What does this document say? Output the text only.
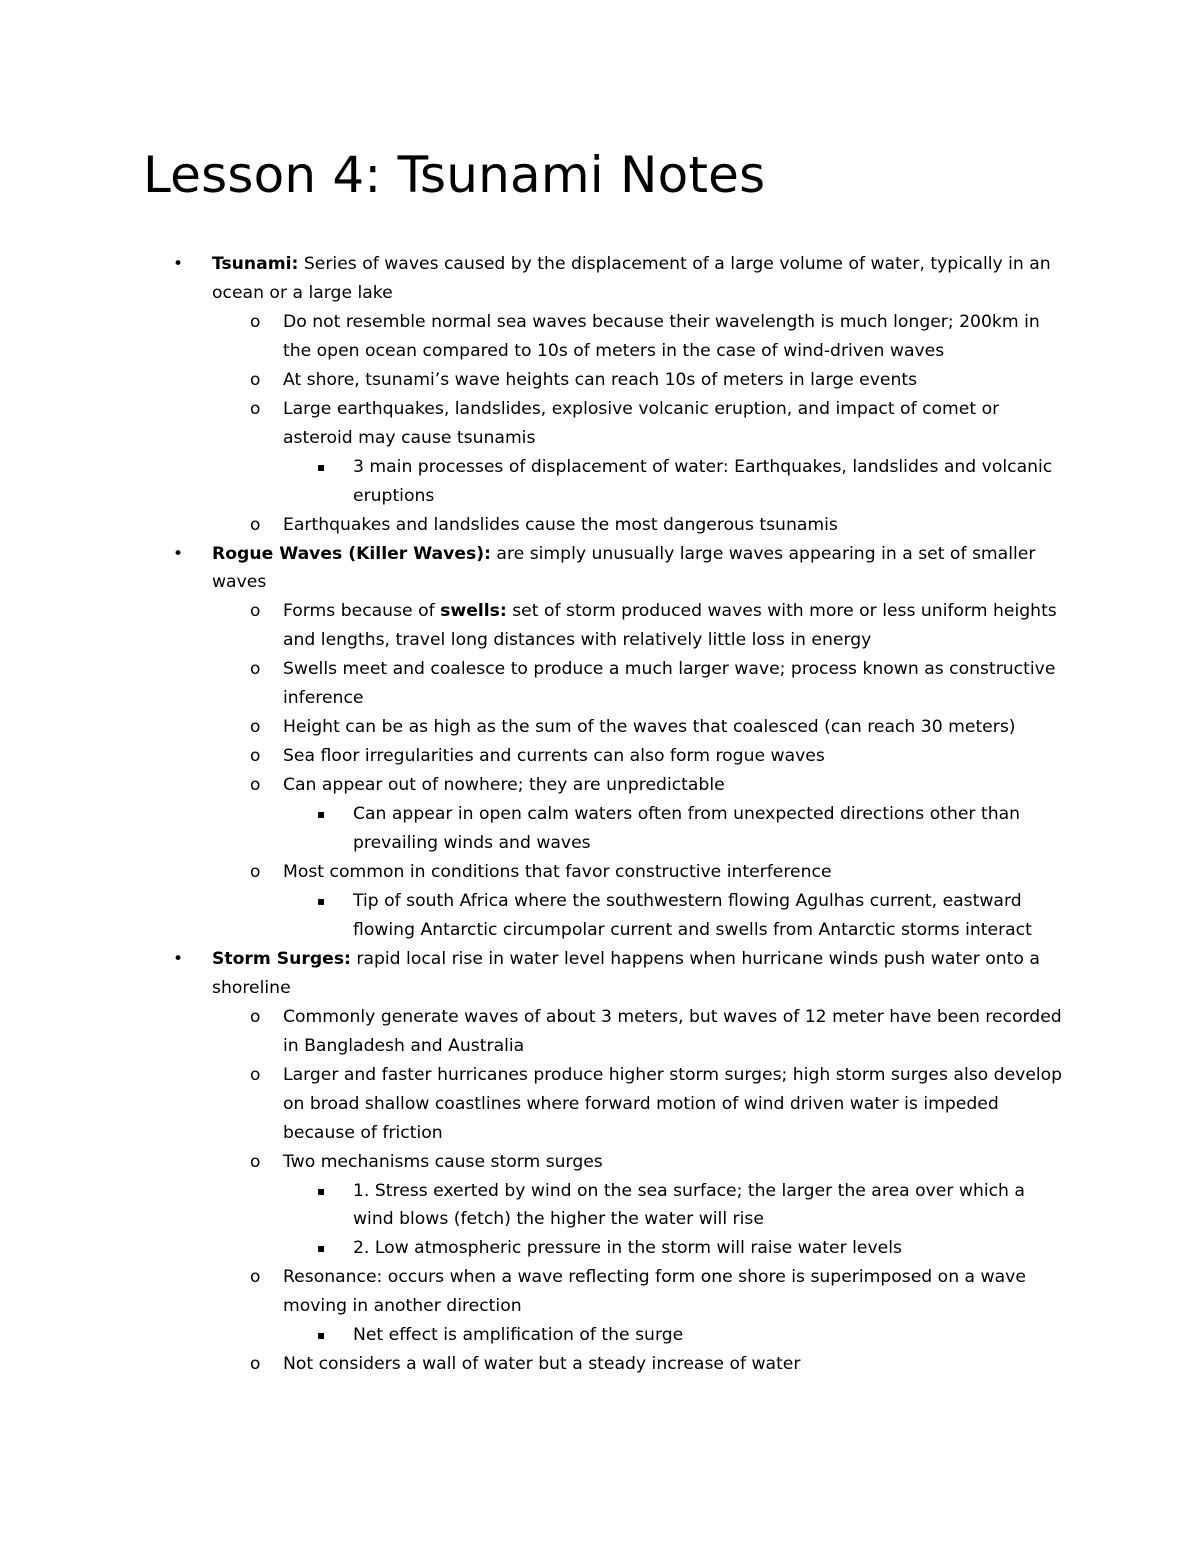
Lesson 4: Tsunami Notes
• Tsunami: Series of waves caused by the displacement of a large volume of water, typically in an ocean or a large lake
o Do not resemble normal sea waves because their wavelength is much longer; 200km in the open ocean compared to 10s of meters in the case of wind-driven waves
o At shore, tsunami’s wave heights can reach 10s of meters in large events
o Large earthquakes, landslides, explosive volcanic eruption, and impact of comet or asteroid may cause tsunamis
▪ 3 main processes of displacement of water: Earthquakes, landslides and volcanic eruptions
o Earthquakes and landslides cause the most dangerous tsunamis
• Rogue Waves (Killer Waves): are simply unusually large waves appearing in a set of smaller waves
o Forms because of swells: set of storm produced waves with more or less uniform heights and lengths, travel long distances with relatively little loss in energy
o Swells meet and coalesce to produce a much larger wave; process known as constructive inference
o Height can be as high as the sum of the waves that coalesced (can reach 30 meters)
o Sea floor irregularities and currents can also form rogue waves
o Can appear out of nowhere; they are unpredictable
▪ Can appear in open calm waters often from unexpected directions other than prevailing winds and waves
o Most common in conditions that favor constructive interference
▪ Tip of south Africa where the southwestern flowing Agulhas current, eastward flowing Antarctic circumpolar current and swells from Antarctic storms interact
• Storm Surges: rapid local rise in water level happens when hurricane winds push water onto a shoreline
o Commonly generate waves of about 3 meters, but waves of 12 meter have been recorded in Bangladesh and Australia
o Larger and faster hurricanes produce higher storm surges; high storm surges also develop on broad shallow coastlines where forward motion of wind driven water is impeded because of friction
o Two mechanisms cause storm surges
▪ 1. Stress exerted by wind on the sea surface; the larger the area over which a wind blows (fetch) the higher the water will rise
▪ 2. Low atmospheric pressure in the storm will raise water levels
o Resonance: occurs when a wave reflecting form one shore is superimposed on a wave moving in another direction
▪ Net effect is amplification of the surge
o Not considers a wall of water but a steady increase of water
